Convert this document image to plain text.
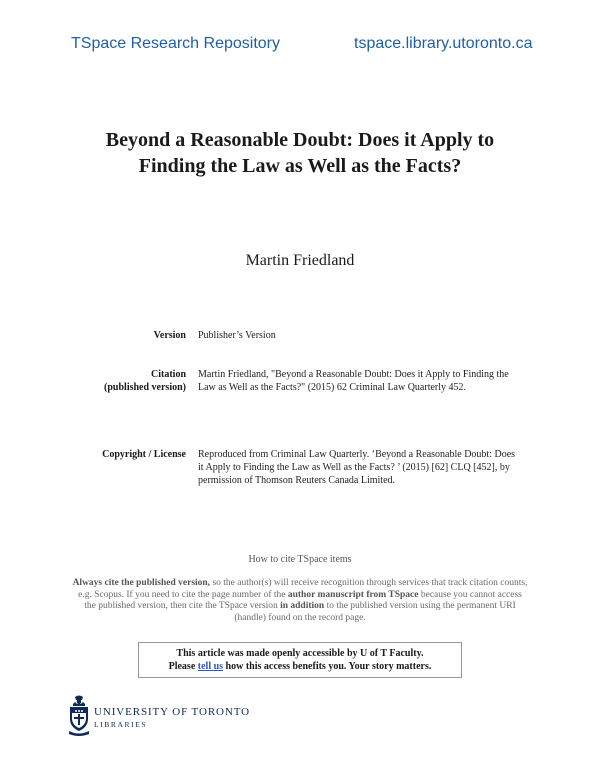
TSpace Research Repository	tspace.library.utoronto.ca
Beyond a Reasonable Doubt: Does it Apply to
Finding the Law as Well as the Facts?
Martin Friedland
Version Publisher’s Version
Citation
(published version)
Martin Friedland, "Beyond a Reasonable Doubt: Does it Apply to Finding the Law as Well as the Facts?" (2015) 62 Criminal Law Quarterly 452.
Copyright / License Reproduced from Criminal Law Quarterly. ‘Beyond a Reasonable Doubt: Does it Apply to Finding the Law as Well as the Facts? ’ (2015) [62] CLQ [452], by permission of Thomson Reuters Canada Limited.
How to cite TSpace items
Always cite the published version, so the author(s) will receive recognition through services that track citation counts, e.g. Scopus. If you need to cite the page number of the author manuscript from TSpace because you cannot access the published version, then cite the TSpace version in addition to the published version using the permanent URI (handle) found on the record page.
This article was made openly accessible by U of T Faculty.
Please tell us how this access benefits you. Your story matters.
UNIVERSITY OF TORONTO
LIBRARIES
